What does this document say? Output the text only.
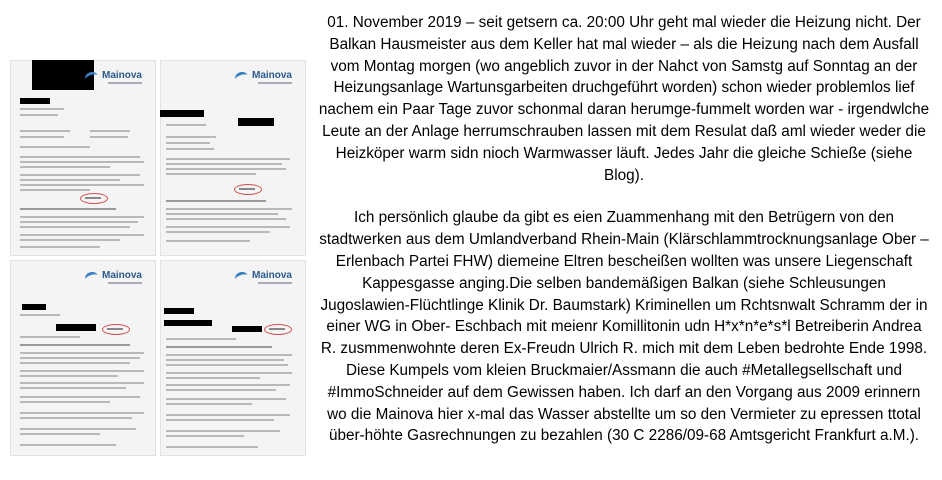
Mainova	Mainova
Mainova	Mainova

01. November 2019 – seit getsern ca. 20:00 Uhr geht mal wieder die Heizung nicht. Der Balkan Hausmeister aus dem Keller hat mal wieder – als die Heizung nach dem Ausfall vom Montag morgen (wo angeblich zuvor in der Nahct von Samstg auf Sonntag an der Heizungsanlage Wartunsgarbeiten druchgeführt worden) schon wieder problemlos lief nachem ein Paar Tage zuvor schonmal daran herumge-fummelt worden war - irgendwlche Leute an der Anlage herrumschrauben lassen mit dem Resulat daß aml wieder weder die Heizköper warm sidn nioch Warmwasser läuft. Jedes Jahr die gleiche Schieße (siehe Blog).

Ich persönlich glaube da gibt es eien Zuammenhang mit den Betrügern von den stadtwerken aus dem Umlandverband Rhein-Main (Klärschlammtrocknungsanlage Ober –Erlenbach Partei FHW) diemeine Eltren bescheißen wollten was unsere Liegenschaft Kappesgasse anging.Die selben bandemäßigen Balkan (siehe Schleusungen Jugoslawien-Flüchtlinge Klinik Dr. Baumstark) Kriminellen um Rchtsnwalt Schramm der in einer WG in Ober- Eschbach mit meienr Komillitonin udn H*x*n*e*s*l Betreiberin Andrea R. zusmmenwohnte deren Ex-Freudn Ulrich R. mich mit dem Leben bedrohte Ende 1998. Diese Kumpels vom kleien Bruckmaier/Assmann die auch #Metallegsellschaft und #ImmoSchneider auf dem Gewissen haben. Ich darf an den Vorgang aus 2009 erinnern wo die Mainova hier x-mal das Wasser abstellte um so den Vermieter zu epressen ttotal über-höhte Gasrechnungen zu bezahlen (30 C 2286/09-68 Amtsgericht Frankfurt a.M.).
